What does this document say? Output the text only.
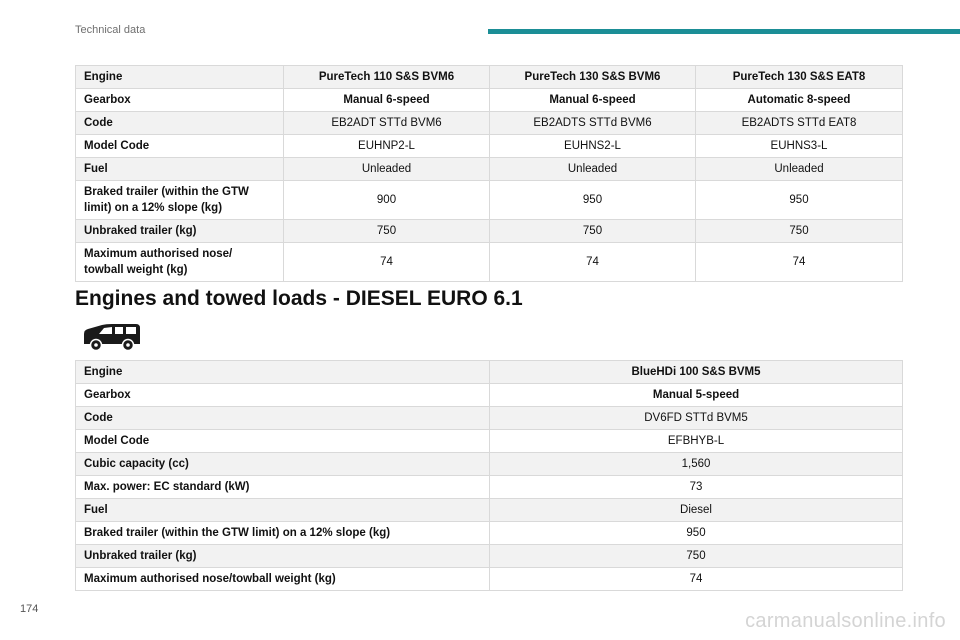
Technical data
Engine	PureTech 110 S&S BVM6	PureTech 130 S&S BVM6	PureTech 130 S&S EAT8
Gearbox	Manual 6-speed	Manual 6-speed	Automatic 8-speed
Code	EB2ADT STTd BVM6	EB2ADTS STTd BVM6	EB2ADTS STTd EAT8
Model Code	EUHNP2-L	EUHNS2-L	EUHNS3-L
Fuel	Unleaded	Unleaded	Unleaded
Braked trailer (within the GTW limit) on a 12% slope (kg)	900	950	950
Unbraked trailer (kg)	750	750	750
Maximum authorised nose/ towball weight (kg)	74	74	74
Engines and towed loads - DIESEL EURO 6.1
Engine	BlueHDi 100 S&S BVM5
Gearbox	Manual 5-speed
Code	DV6FD STTd BVM5
Model Code	EFBHYB-L
Cubic capacity (cc)	1,560
Max. power: EC standard (kW)	73
Fuel	Diesel
Braked trailer (within the GTW limit) on a 12% slope (kg)	950
Unbraked trailer (kg)	750
Maximum authorised nose/towball weight (kg)	74
174
carmanualsonline.info
